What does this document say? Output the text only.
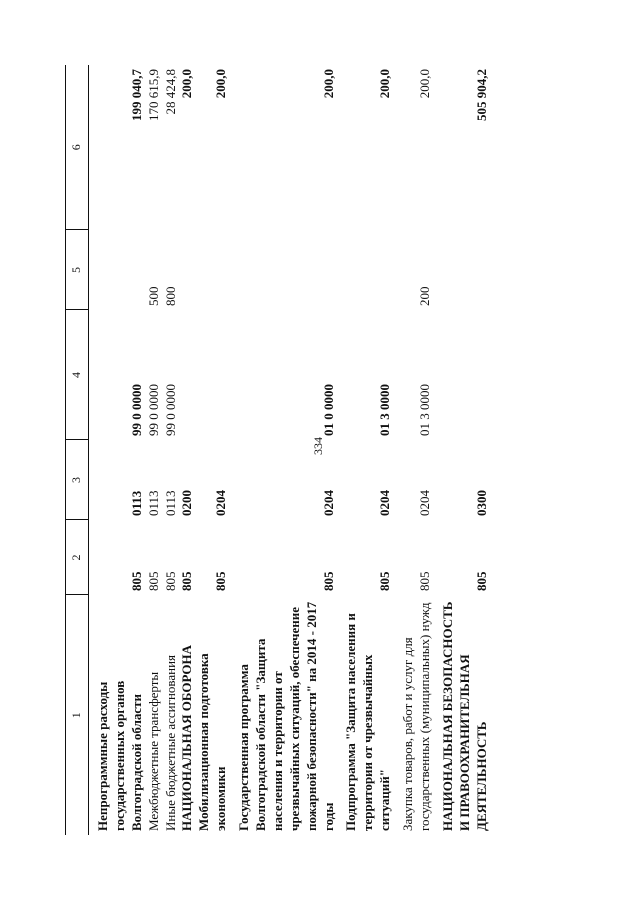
334
1	2	3	4	5	6
Непрограммные расходы государственных органов Волгоградской области	805	0113	99 0 0000		199 040,7
Межбюджетные трансферты	805	0113	99 0 0000	500	170 615,9
Иные бюджетные ассигнования	805	0113	99 0 0000	800	28 424,8
НАЦИОНАЛЬНАЯ ОБОРОНА	805	0200			200,0
Мобилизационная подготовка экономики	805	0204			200,0
Государственная программа Волгоградской области "Защита населения и территории от чрезвычайных ситуаций, обеспечение пожарной безопасности" на 2014 - 2017 годы	805	0204	01 0 0000		200,0
Подпрограмма "Защита населения и территории от чрезвычайных ситуаций"	805	0204	01 3 0000		200,0
Закупка товаров, работ и услуг для государственных (муниципальных) нужд	805	0204	01 3 0000	200	200,0
НАЦИОНАЛЬНАЯ БЕЗОПАСНОСТЬ И ПРАВООХРАНИТЕЛЬНАЯ ДЕЯТЕЛЬНОСТЬ	805	0300			505 904,2
